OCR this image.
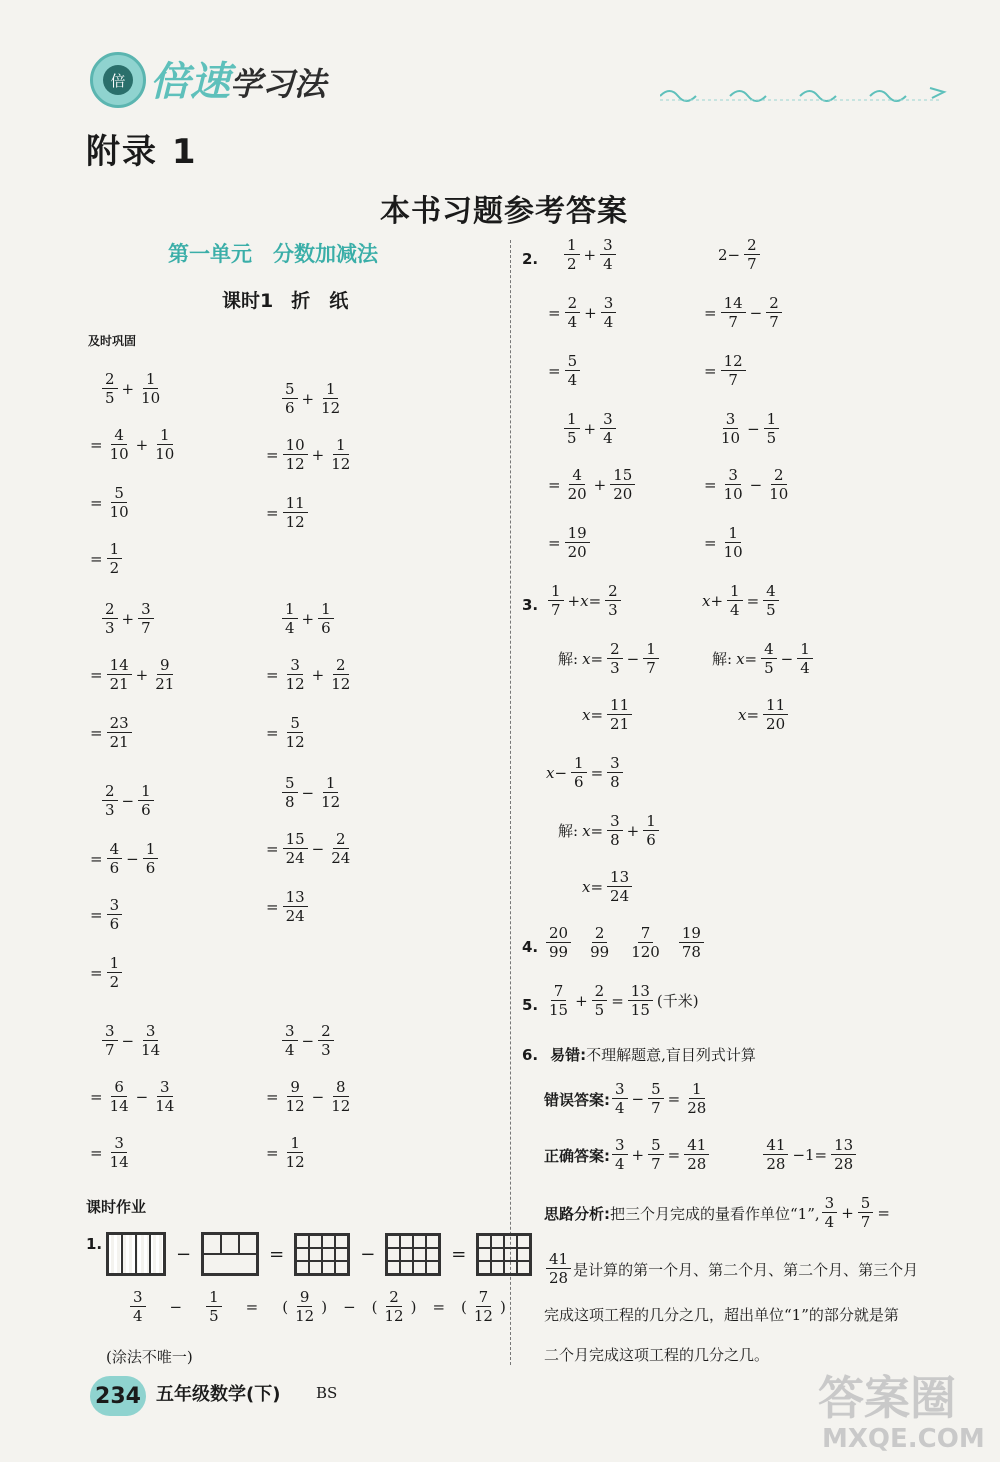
倍 倍速学习法
附录 1
本书习题参考答案
第一单元　分数加减法
课时1 折　纸
及时巩固
$\frac{2}{5} + \frac{1}{10}$	$\frac{5}{6} + \frac{1}{12}$
= $\frac{4}{10} + \frac{1}{10}$	= $\frac{10}{12} + \frac{1}{12}$
= $\frac{5}{10}$	= $\frac{11}{12}$
= $\frac{1}{2}$
$\frac{2}{3} + \frac{3}{7}$	$\frac{1}{4} + \frac{1}{6}$
= $\frac{14}{21} + \frac{9}{21}$	= $\frac{3}{12} + \frac{2}{12}$
= $\frac{23}{21}$	= $\frac{5}{12}$
$\frac{2}{3} - \frac{1}{6}$	$\frac{5}{8} - \frac{1}{12}$
= $\frac{4}{6} - \frac{1}{6}$	= $\frac{15}{24} - \frac{2}{24}$
= $\frac{3}{6}$	= $\frac{13}{24}$
= $\frac{1}{2}$
$\frac{3}{7} - \frac{3}{14}$	$\frac{3}{4} - \frac{2}{3}$
= $\frac{6}{14} - \frac{3}{14}$	= $\frac{9}{12} - \frac{8}{12}$
= $\frac{3}{14}$	= $\frac{1}{12}$
课时作业
1.	−	=	−	=
$\frac{3}{4} - \frac{1}{5}$ = ( $\frac{9}{12}$ ) − ( $\frac{2}{12}$ ) = ( $\frac{7}{12}$ )
(涂法不唯一)
2. $\frac{1}{2} + \frac{3}{4}$	$2- \frac{2}{7}$
= $\frac{2}{4} + \frac{3}{4}$	= $\frac{14}{7} - \frac{2}{7}$
= $\frac{5}{4}$	= $\frac{12}{7}$
$\frac{1}{5} + \frac{3}{4}$	$\frac{3}{10} - \frac{1}{5}$
= $\frac{4}{20} + \frac{15}{20}$	= $\frac{3}{10} - \frac{2}{10}$
= $\frac{19}{20}$	= $\frac{1}{10}$
3. $\frac{1}{7} +x= \frac{2}{3}$	$x+ \frac{1}{4} = \frac{4}{5}$
解: $x= \frac{2}{3} - \frac{1}{7}$	解: $x= \frac{4}{5} - \frac{1}{4}$
$x= \frac{11}{21}$	$x= \frac{11}{20}$
$x- \frac{1}{6} = \frac{3}{8}$
解: $x= \frac{3}{8} + \frac{1}{6}$
$x= \frac{13}{24}$
4. $\frac{20}{99} \frac{2}{99} \frac{7}{120} \frac{19}{78}$
5. $\frac{7}{15} + \frac{2}{5} = \frac{13}{15}$ (千米)
6. 易错:不理解题意,盲目列式计算
错误答案: $\frac{3}{4} - \frac{5}{7} = \frac{1}{28}$
正确答案: $\frac{3}{4} + \frac{5}{7} = \frac{41}{28}$	$\frac{41}{28} -1= \frac{13}{28}$
思路分析: 把三个月完成的量看作单位“1”, $\frac{3}{4} + \frac{5}{7}$ =
$\frac{41}{28}$ 是计算的第一个月、第二个月、第二个月、第三个月
完成这项工程的几分之几，超出单位“1”的部分就是第
二个月完成这项工程的几分之几。
234 五年级数学(下) BS	答案圈
MXQE.COM
